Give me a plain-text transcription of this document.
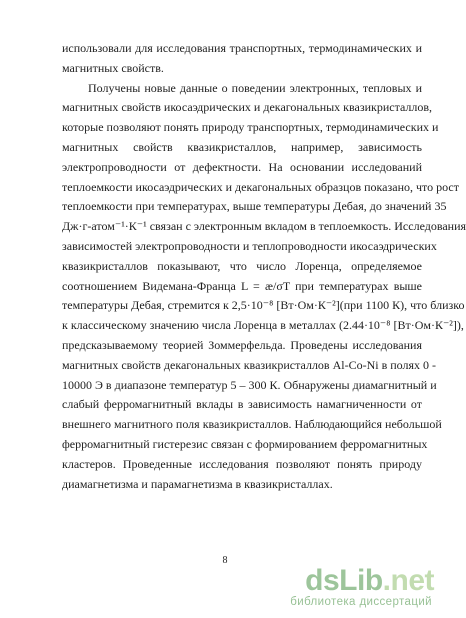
использовали для исследования транспортных, термодинамических и
магнитных свойств.
Получены новые данные о поведении электронных, тепловых и
магнитных свойств икосаэдрических и декагональных квазикристаллов,
которые позволяют понять природу транспортных, термодинамических и
магнитных свойств квазикристаллов, например, зависимость
электропроводности от дефектности. На основании исследований
теплоемкости икосаэдрических и декагональных образцов показано, что рост
теплоемкости при температурах, выше температуры Дебая, до значений 35
Дж·г-атом⁻¹·К⁻¹ связан с электронным вкладом в теплоемкость. Исследования
зависимостей электропроводности и теплопроводности икосаэдрических
квазикристаллов показывают, что число Лоренца, определяемое
соотношением Видемана-Франца L = æ/σT при температурах выше
температуры Дебая, стремится к 2,5·10⁻⁸ [Вт·Ом·К⁻²](при 1100 К), что близко
к классическому значению числа Лоренца в металлах (2.44·10⁻⁸ [Вт·Ом·К⁻²]),
предсказываемому теорией Зоммерфельда. Проведены исследования
магнитных свойств декагональных квазикристаллов Al-Co-Ni в полях 0 -
10000 Э в диапазоне температур 5 – 300 К. Обнаружены диамагнитный и
слабый ферромагнитный вклады в зависимость намагниченности от
внешнего магнитного поля квазикристаллов. Наблюдающийся небольшой
ферромагнитный гистерезис связан с формированием ферромагнитных
кластеров. Проведенные исследования позволяют понять природу
диамагнетизма и парамагнетизма в квазикристаллах.
8
dsLib.net
библиотека диссертаций
